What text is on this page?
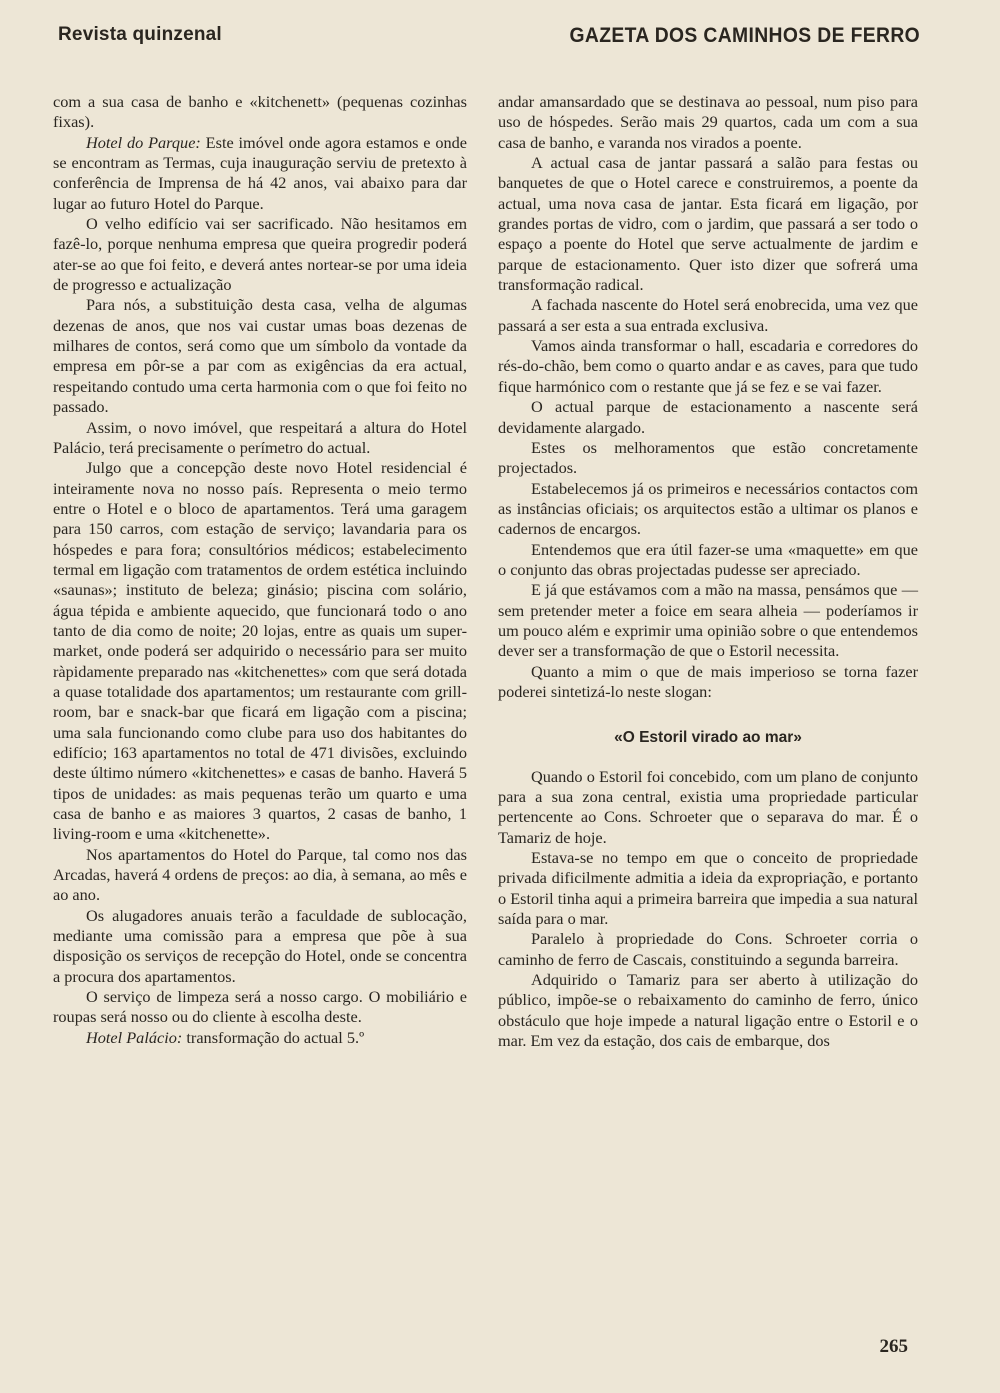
Revista quinzenal	GAZETA DOS CAMINHOS DE FERRO

com a sua casa de banho e «kitchenett» (pequenas cozinhas fixas).

Hotel do Parque: Este imóvel onde agora estamos e onde se encontram as Termas, cuja inauguração serviu de pretexto à conferência de Imprensa de há 42 anos, vai abaixo para dar lugar ao futuro Hotel do Parque.

O velho edifício vai ser sacrificado. Não hesitamos em fazê-lo, porque nenhuma empresa que queira progredir poderá ater-se ao que foi feito, e deverá antes nortear-se por uma ideia de progresso e actualização

Para nós, a substituição desta casa, velha de algumas dezenas de anos, que nos vai custar umas boas dezenas de milhares de contos, será como que um símbolo da vontade da empresa em pôr-se a par com as exigências da era actual, respeitando contudo uma certa harmonia com o que foi feito no passado.

Assim, o novo imóvel, que respeitará a altura do Hotel Palácio, terá precisamente o perímetro do actual.

Julgo que a concepção deste novo Hotel residencial é inteiramente nova no nosso país. Representa o meio termo entre o Hotel e o bloco de apartamentos. Terá uma garagem para 150 carros, com estação de serviço; lavandaria para os hóspedes e para fora; consultórios médicos; estabelecimento termal em ligação com tratamentos de ordem estética incluindo «saunas»; instituto de beleza; ginásio; piscina com solário, água tépida e ambiente aquecido, que funcionará todo o ano tanto de dia como de noite; 20 lojas, entre as quais um super-market, onde poderá ser adquirido o necessário para ser muito ràpidamente preparado nas «kitchenettes» com que será dotada a quase totalidade dos apartamentos; um restaurante com grill-room, bar e snack-bar que ficará em ligação com a piscina; uma sala funcionando como clube para uso dos habitantes do edifício; 163 apartamentos no total de 471 divisões, excluindo deste último número «kitchenettes» e casas de banho. Haverá 5 tipos de unidades: as mais pequenas terão um quarto e uma casa de banho e as maiores 3 quartos, 2 casas de banho, 1 living-room e uma «kitchenette».

Nos apartamentos do Hotel do Parque, tal como nos das Arcadas, haverá 4 ordens de preços: ao dia, à semana, ao mês e ao ano.

Os alugadores anuais terão a faculdade de sublocação, mediante uma comissão para a empresa que põe à sua disposição os serviços de recepção do Hotel, onde se concentra a procura dos apartamentos.

O serviço de limpeza será a nosso cargo. O mobiliário e roupas será nosso ou do cliente à escolha deste.

Hotel Palácio: transformação do actual 5.º

andar amansardado que se destinava ao pessoal, num piso para uso de hóspedes. Serão mais 29 quartos, cada um com a sua casa de banho, e varanda nos virados a poente.

A actual casa de jantar passará a salão para festas ou banquetes de que o Hotel carece e construiremos, a poente da actual, uma nova casa de jantar. Esta ficará em ligação, por grandes portas de vidro, com o jardim, que passará a ser todo o espaço a poente do Hotel que serve actualmente de jardim e parque de estacionamento. Quer isto dizer que sofrerá uma transformação radical.

A fachada nascente do Hotel será enobrecida, uma vez que passará a ser esta a sua entrada exclusiva.

Vamos ainda transformar o hall, escadaria e corredores do rés-do-chão, bem como o quarto andar e as caves, para que tudo fique harmónico com o restante que já se fez e se vai fazer.

O actual parque de estacionamento a nascente será devidamente alargado.

Estes os melhoramentos que estão concretamente projectados.

Estabelecemos já os primeiros e necessários contactos com as instâncias oficiais; os arquitectos estão a ultimar os planos e cadernos de encargos.

Entendemos que era útil fazer-se uma «maquette» em que o conjunto das obras projectadas pudesse ser apreciado.

E já que estávamos com a mão na massa, pensámos que — sem pretender meter a foice em seara alheia — poderíamos ir um pouco além e exprimir uma opinião sobre o que entendemos dever ser a transformação de que o Estoril necessita.

Quanto a mim o que de mais imperioso se torna fazer poderei sintetizá-lo neste slogan:

«O Estoril virado ao mar»

Quando o Estoril foi concebido, com um plano de conjunto para a sua zona central, existia uma propriedade particular pertencente ao Cons. Schroeter que o separava do mar. É o Tamariz de hoje.

Estava-se no tempo em que o conceito de propriedade privada dificilmente admitia a ideia da expropriação, e portanto o Estoril tinha aqui a primeira barreira que impedia a sua natural saída para o mar.

Paralelo à propriedade do Cons. Schroeter corria o caminho de ferro de Cascais, constituindo a segunda barreira.

Adquirido o Tamariz para ser aberto à utilização do público, impõe-se o rebaixamento do caminho de ferro, único obstáculo que hoje impede a natural ligação entre o Estoril e o mar. Em vez da estação, dos cais de embarque, dos

265
